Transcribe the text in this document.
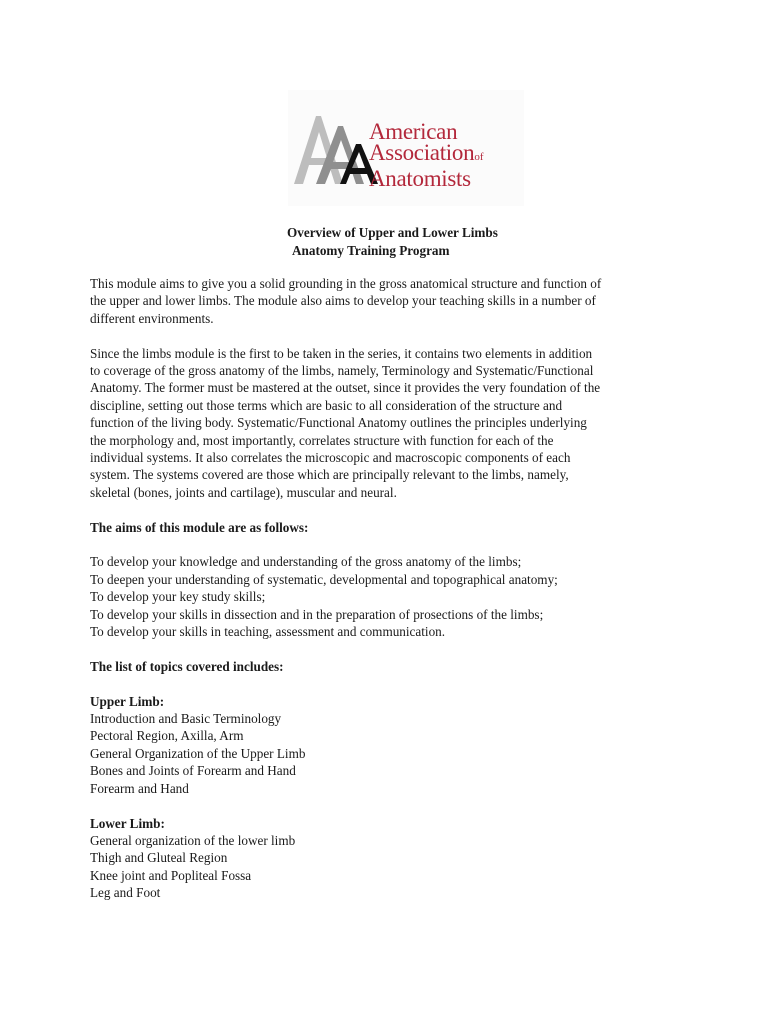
American
Associationof
Anatomists
Overview of Upper and Lower Limbs
Anatomy Training Program

This module aims to give you a solid grounding in the gross anatomical structure and function of
the upper and lower limbs. The module also aims to develop your teaching skills in a number of
different environments.

Since the limbs module is the first to be taken in the series, it contains two elements in addition
to coverage of the gross anatomy of the limbs, namely, Terminology and Systematic/Functional
Anatomy. The former must be mastered at the outset, since it provides the very foundation of the
discipline, setting out those terms which are basic to all consideration of the structure and
function of the living body. Systematic/Functional Anatomy outlines the principles underlying
the morphology and, most importantly, correlates structure with function for each of the
individual systems. It also correlates the microscopic and macroscopic components of each
system. The systems covered are those which are principally relevant to the limbs, namely,
skeletal (bones, joints and cartilage), muscular and neural.

The aims of this module are as follows:

To develop your knowledge and understanding of the gross anatomy of the limbs;
To deepen your understanding of systematic, developmental and topographical anatomy;
To develop your key study skills;
To develop your skills in dissection and in the preparation of prosections of the limbs;
To develop your skills in teaching, assessment and communication.

The list of topics covered includes:

Upper Limb:
Introduction and Basic Terminology
Pectoral Region, Axilla, Arm
General Organization of the Upper Limb
Bones and Joints of Forearm and Hand
Forearm and Hand

Lower Limb:
General organization of the lower limb
Thigh and Gluteal Region
Knee joint and Popliteal Fossa
Leg and Foot
